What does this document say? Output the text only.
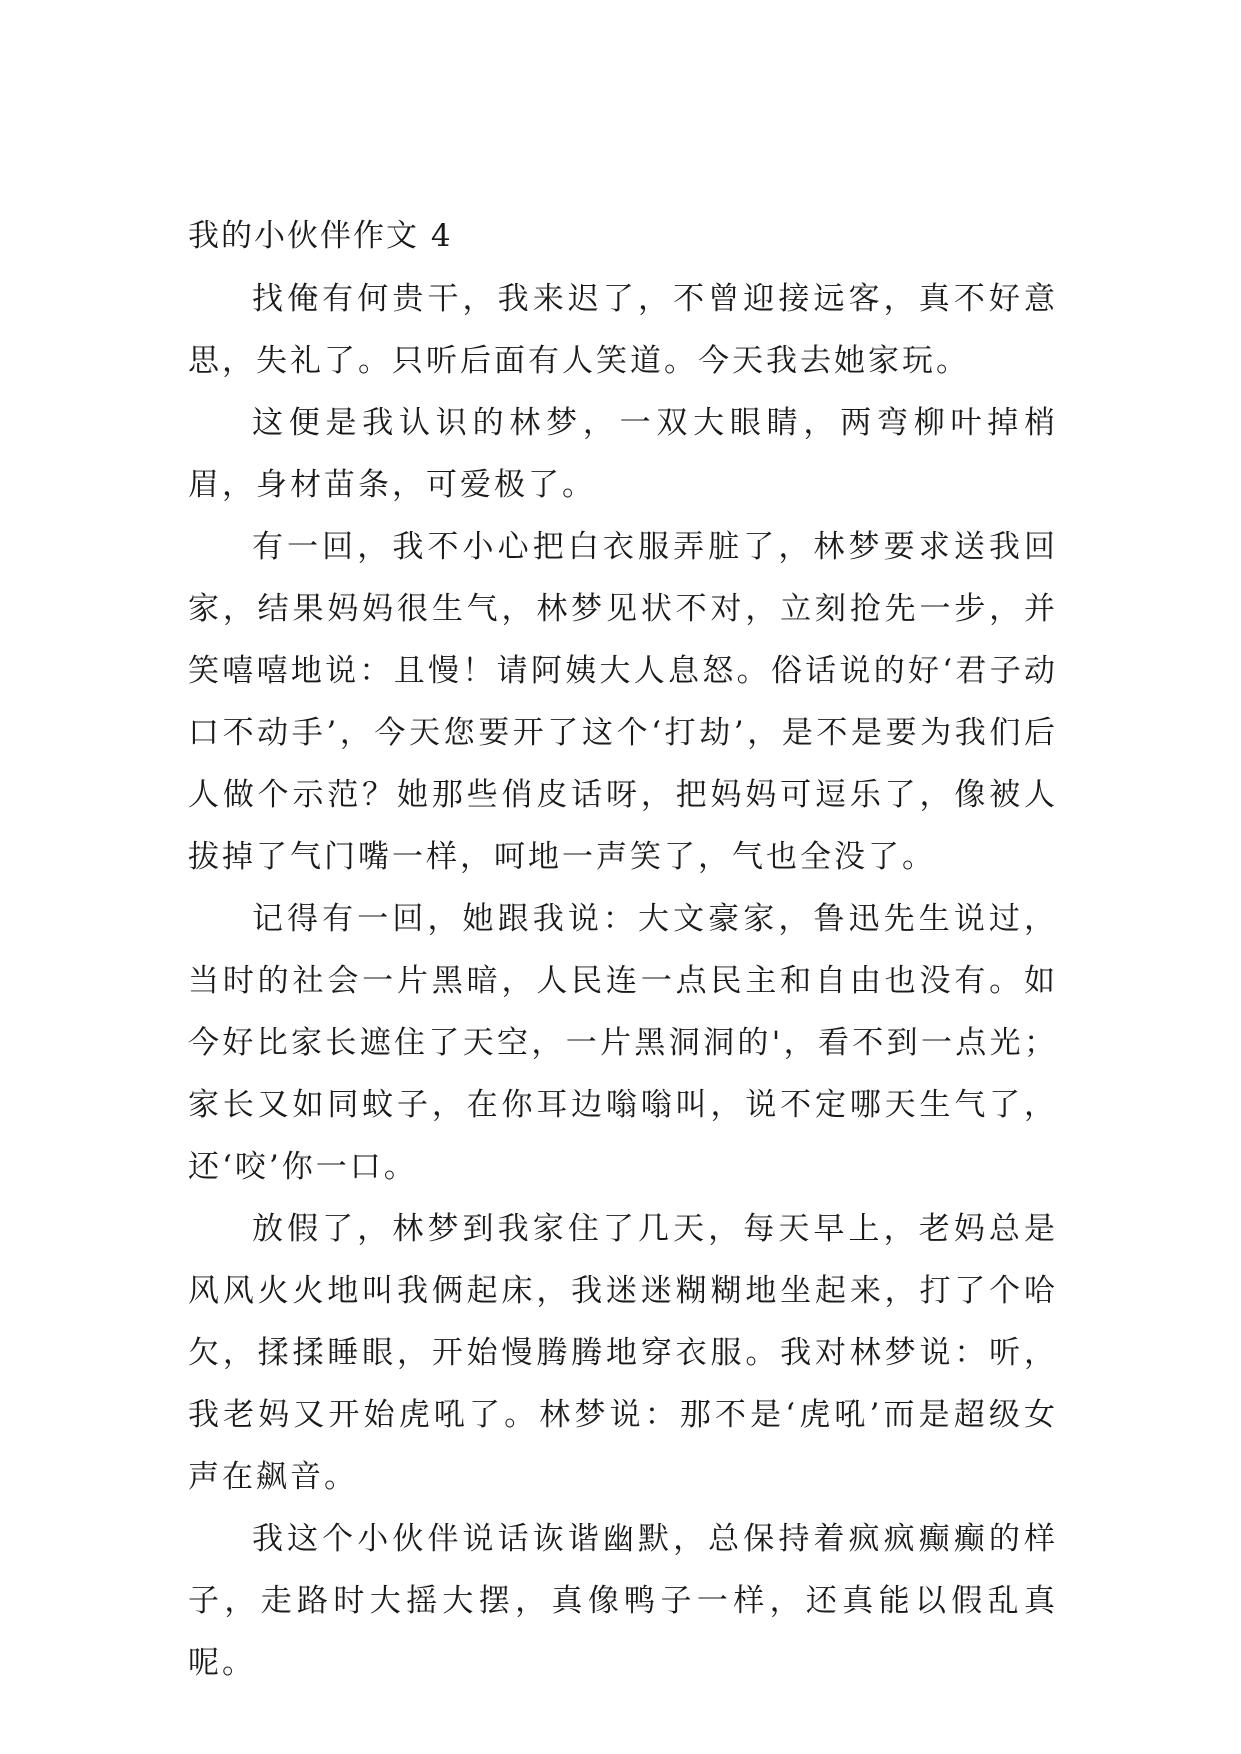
我的小伙伴作文 4

找俺有何贵干，我来迟了，不曾迎接远客，真不好意思，失礼了。只听后面有人笑道。今天我去她家玩。

这便是我认识的林梦，一双大眼睛，两弯柳叶掉梢眉，身材苗条，可爱极了。

有一回，我不小心把白衣服弄脏了，林梦要求送我回家，结果妈妈很生气，林梦见状不对，立刻抢先一步，并笑嘻嘻地说：且慢！请阿姨大人息怒。俗话说的好‘君子动口不动手’，今天您要开了这个‘打劫’，是不是要为我们后人做个示范？她那些俏皮话呀，把妈妈可逗乐了，像被人拔掉了气门嘴一样，呵地一声笑了，气也全没了。

记得有一回，她跟我说：大文豪家，鲁迅先生说过，当时的社会一片黑暗，人民连一点民主和自由也没有。如今好比家长遮住了天空，一片黑洞洞的'，看不到一点光；家长又如同蚊子，在你耳边嗡嗡叫，说不定哪天生气了，还‘咬’你一口。

放假了，林梦到我家住了几天，每天早上，老妈总是风风火火地叫我俩起床，我迷迷糊糊地坐起来，打了个哈欠，揉揉睡眼，开始慢腾腾地穿衣服。我对林梦说：听，我老妈又开始虎吼了。林梦说：那不是‘虎吼’而是超级女声在飙音。

我这个小伙伴说话诙谐幽默，总保持着疯疯癫癫的样子，走路时大摇大摆，真像鸭子一样，还真能以假乱真呢。
